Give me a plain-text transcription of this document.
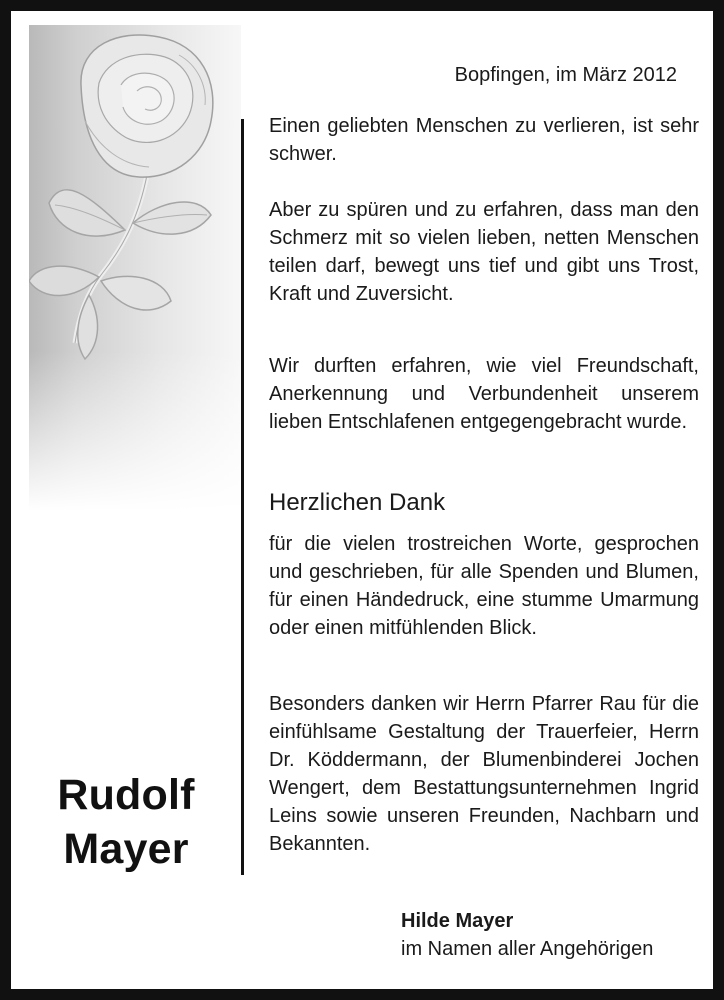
Rudolf
Mayer
Bopfingen, im März 2012
Einen geliebten Menschen zu verlieren, ist sehr schwer.
Aber zu spüren und zu erfahren, dass man den Schmerz mit so vielen lieben, netten Menschen teilen darf, bewegt uns tief und gibt uns Trost, Kraft und Zuversicht.
Wir durften erfahren, wie viel Freundschaft, Anerkennung und Verbundenheit unserem lieben Entschlafenen entgegengebracht wurde.
Herzlichen Dank
für die vielen trostreichen Worte, gesprochen und geschrieben, für alle Spenden und Blumen, für einen Händedruck, eine stumme Umarmung oder einen mitfühlenden Blick.
Besonders danken wir Herrn Pfarrer Rau für die einfühlsame Gestaltung der Trauerfeier, Herrn Dr. Köddermann, der Blumenbinderei Jochen Wengert, dem Bestattungsunternehmen Ingrid Leins sowie unseren Freunden, Nachbarn und Bekannten.
Hilde Mayer
im Namen aller Angehörigen
